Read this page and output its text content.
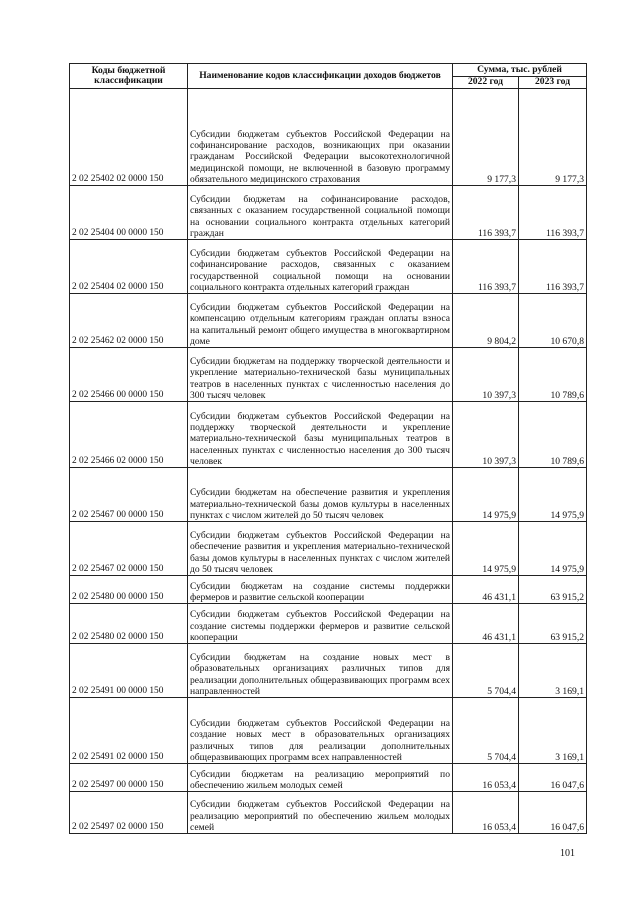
Коды бюджетной классификации	Наименование кодов классификации доходов бюджетов	Сумма, тыс. рублей	
		2022 год	2023 год
2 02 25402 02 0000 150	Субсидии бюджетам субъектов Российской Федерации на софинансирование расходов, возникающих при оказании гражданам Российской Федерации высокотехнологичной медицинской помощи, не включенной в базовую программу обязательного медицинского страхования	9 177,3	9 177,3
2 02 25404 00 0000 150	Субсидии бюджетам на софинансирование расходов, связанных с оказанием государственной социальной помощи на основании социального контракта отдельных категорий граждан	116 393,7	116 393,7
2 02 25404 02 0000 150	Субсидии бюджетам субъектов Российской Федерации на софинансирование расходов, связанных с оказанием государственной социальной помощи на основании социального контракта отдельных категорий граждан	116 393,7	116 393,7
2 02 25462 02 0000 150	Субсидии бюджетам субъектов Российской Федерации на компенсацию отдельным категориям граждан оплаты взноса на капитальный ремонт общего имущества в многоквартирном доме	9 804,2	10 670,8
2 02 25466 00 0000 150	Субсидии бюджетам на поддержку творческой деятельности и укрепление материально-технической базы муниципальных театров в населенных пунктах с численностью населения до 300 тысяч человек	10 397,3	10 789,6
2 02 25466 02 0000 150	Субсидии бюджетам субъектов Российской Федерации на поддержку творческой деятельности и укрепление материально-технической базы муниципальных театров в населенных пунктах с численностью населения до 300 тысяч человек	10 397,3	10 789,6
2 02 25467 00 0000 150	Субсидии бюджетам на обеспечение развития и укрепления материально-технической базы домов культуры в населенных пунктах с числом жителей до 50 тысяч человек	14 975,9	14 975,9
2 02 25467 02 0000 150	Субсидии бюджетам субъектов Российской Федерации на обеспечение развития и укрепления материально-технической базы домов культуры в населенных пунктах с числом жителей до 50 тысяч человек	14 975,9	14 975,9
2 02 25480 00 0000 150	Субсидии бюджетам на создание системы поддержки фермеров и развитие сельской кооперации	46 431,1	63 915,2
2 02 25480 02 0000 150	Субсидии бюджетам субъектов Российской Федерации на создание системы поддержки фермеров и развитие сельской кооперации	46 431,1	63 915,2
2 02 25491 00 0000 150	Субсидии бюджетам на создание новых мест в образовательных организациях различных типов для реализации дополнительных общеразвивающих программ всех направленностей	5 704,4	3 169,1
2 02 25491 02 0000 150	Субсидии бюджетам субъектов Российской Федерации на создание новых мест в образовательных организациях различных типов для реализации дополнительных общеразвивающих программ всех направленностей	5 704,4	3 169,1
2 02 25497 00 0000 150	Субсидии бюджетам на реализацию мероприятий по обеспечению жильем молодых семей	16 053,4	16 047,6
2 02 25497 02 0000 150	Субсидии бюджетам субъектов Российской Федерации на реализацию мероприятий по обеспечению жильем молодых семей	16 053,4	16 047,6
101
